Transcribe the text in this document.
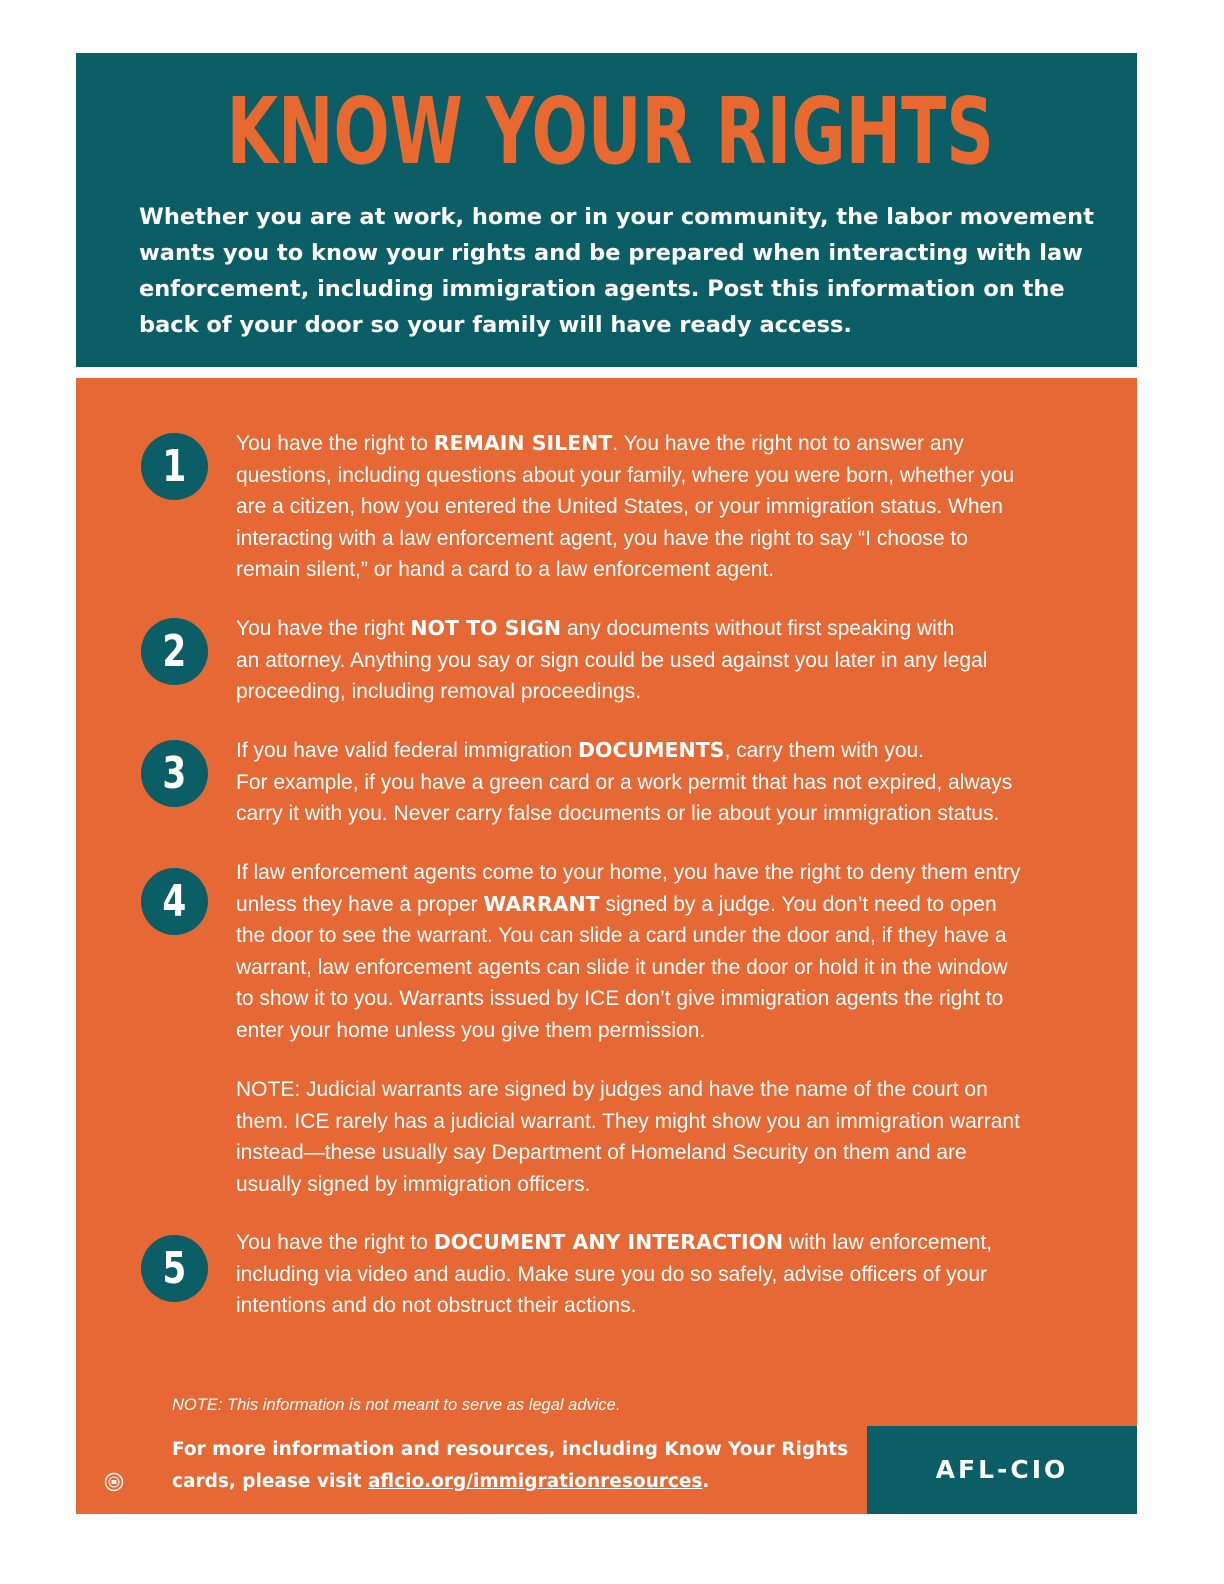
KNOW YOUR RIGHTS
Whether you are at work, home or in your community, the labor movement
wants you to know your rights and be prepared when interacting with law
enforcement, including immigration agents. Post this information on the
back of your door so your family will have ready access.
1	You have the right to REMAIN SILENT. You have the right not to answer any
questions, including questions about your family, where you were born, whether you
are a citizen, how you entered the United States, or your immigration status. When
interacting with a law enforcement agent, you have the right to say “I choose to
remain silent,” or hand a card to a law enforcement agent.
2	You have the right NOT TO SIGN any documents without first speaking with
an attorney. Anything you say or sign could be used against you later in any legal
proceeding, including removal proceedings.
3	If you have valid federal immigration DOCUMENTS, carry them with you.
For example, if you have a green card or a work permit that has not expired, always
carry it with you. Never carry false documents or lie about your immigration status.
4
If law enforcement agents come to your home, you have the right to deny them entry
unless they have a proper WARRANT signed by a judge. You don’t need to open
the door to see the warrant. You can slide a card under the door and, if they have a
warrant, law enforcement agents can slide it under the door or hold it in the window
to show it to you. Warrants issued by ICE don’t give immigration agents the right to
enter your home unless you give them permission.
NOTE: Judicial warrants are signed by judges and have the name of the court on
them. ICE rarely has a judicial warrant. They might show you an immigration warrant
instead—these usually say Department of Homeland Security on them and are
usually signed by immigration officers.
5
You have the right to DOCUMENT ANY INTERACTION with law enforcement,
including via video and audio. Make sure you do so safely, advise officers of your
intentions and do not obstruct their actions.
NOTE: This information is not meant to serve as legal advice.
For more information and resources, including Know Your Rights
cards, please visit aflcio.org/immigrationresources.	AFL-CIO
